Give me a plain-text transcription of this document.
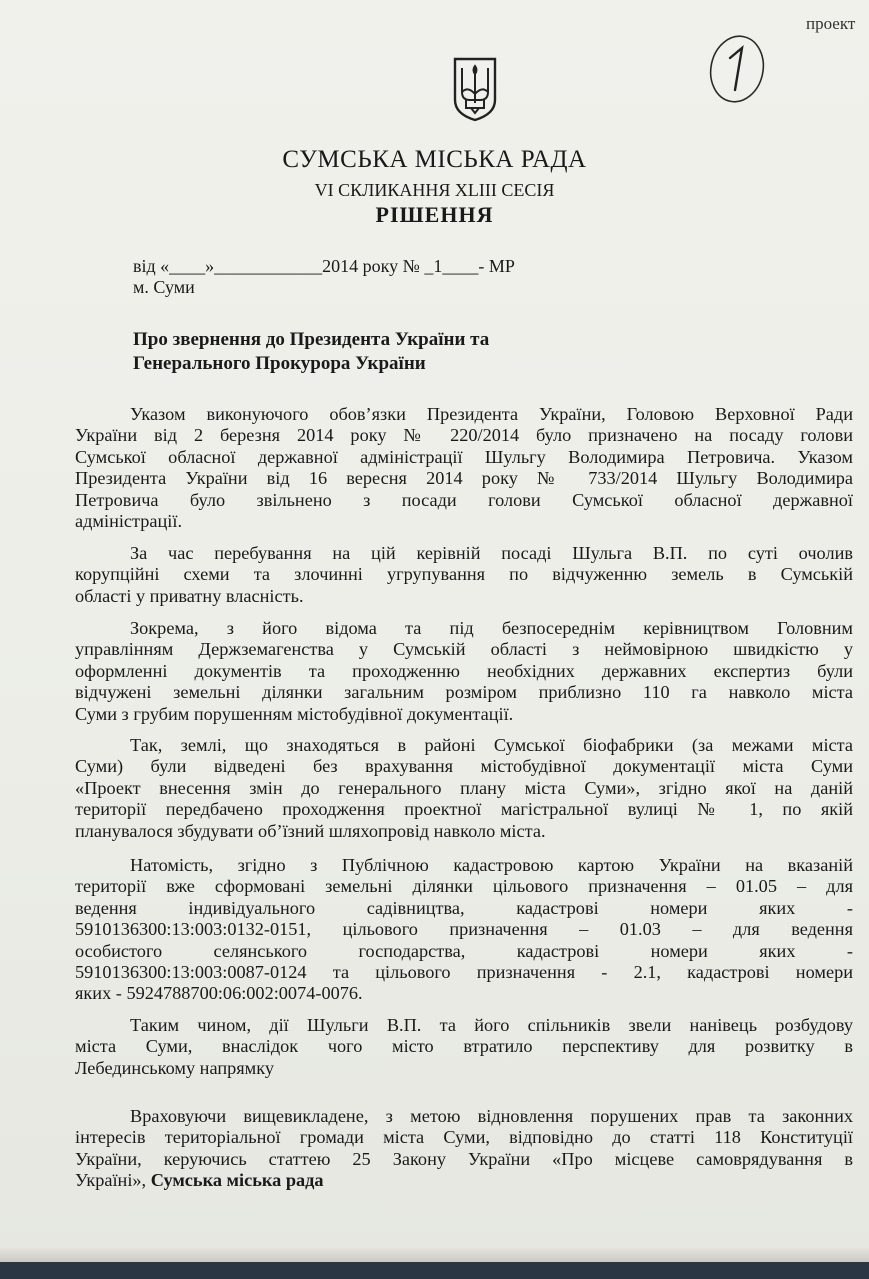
проект
СУМСЬКА МІСЬКА РАДА
VI СКЛИКАННЯ XLIII СЕСІЯ
РІШЕННЯ
від «____»____________2014 року № _1____- МР
м. Суми
Про звернення до Президента України та
Генерального Прокурора України
Указом виконуючого обов’язки Президента України, Головою Верховної Ради
України від 2 березня 2014 року № 220/2014 було призначено на посаду голови
Сумської обласної державної адміністрації Шульгу Володимира Петровича. Указом
Президента України від 16 вересня 2014 року № 733/2014 Шульгу Володимира
Петровича було звільнено з посади голови Сумської обласної державної
адміністрації.
За час перебування на цій керівній посаді Шульга В.П. по суті очолив
корупційні схеми та злочинні угрупування по відчуженню земель в Сумській
області у приватну власність.
Зокрема, з його відома та під безпосереднім керівництвом Головним
управлінням Держземагенства у Сумській області з неймовірною швидкістю у
оформленні документів та проходженню необхідних державних експертиз були
відчужені земельні ділянки загальним розміром приблизно 110 га навколо міста
Суми з грубим порушенням містобудівної документації.
Так, землі, що знаходяться в районі Сумської біофабрики (за межами міста
Суми) були відведені без врахування містобудівної документації міста Суми
«Проект внесення змін до генерального плану міста Суми», згідно якої на даній
території передбачено проходження проектної магістральної вулиці № 1, по якій
планувалося збудувати об’їзний шляхопровід навколо міста.
Натомість, згідно з Публічною кадастровою картою України на вказаній
території вже сформовані земельні ділянки цільового призначення – 01.05 – для
ведення індивідуального садівництва, кадастрові номери яких -
5910136300:13:003:0132-0151, цільового призначення – 01.03 – для ведення
особистого селянського господарства, кадастрові номери яких -
5910136300:13:003:0087-0124 та цільового призначення - 2.1, кадастрові номери
яких - 5924788700:06:002:0074-0076.
Таким чином, дії Шульги В.П. та його спільників звели нанівець розбудову
міста Суми, внаслідок чого місто втратило перспективу для розвитку в
Лебединському напрямку
Враховуючи вищевикладене, з метою відновлення порушених прав та законних
інтересів територіальної громади міста Суми, відповідно до статті 118 Конституції
України, керуючись статтею 25 Закону України «Про місцеве самоврядування в
Україні», Сумська міська рада
